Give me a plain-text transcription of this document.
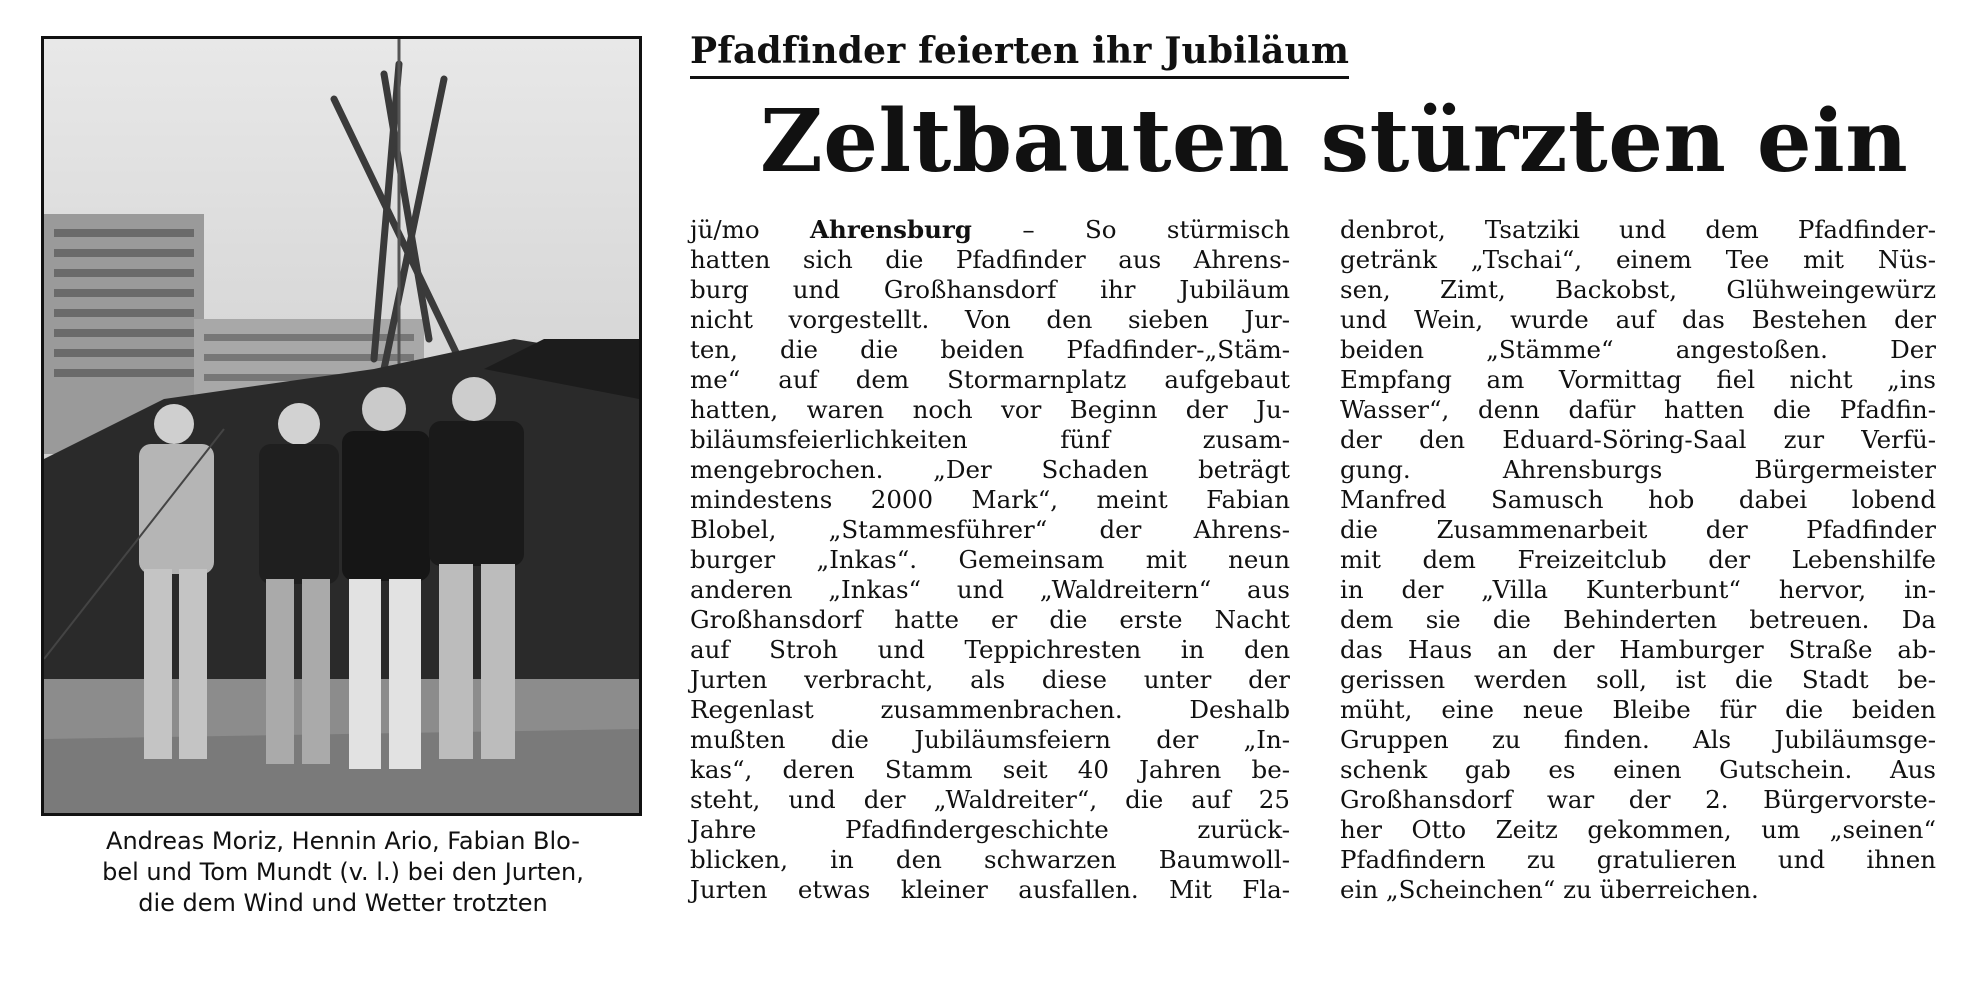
Andreas Moriz, Hennin Ario, Fabian Blo-
bel und Tom Mundt (v. l.) bei den Jurten,
die dem Wind und Wetter trotzten
Pfadfinder feierten ihr Jubiläum
Zeltbauten stürzten ein
jü/mo Ahrensburg – So stürmisch
hatten sich die Pfadfinder aus Ahrens-
burg und Großhansdorf ihr Jubiläum
nicht vorgestellt. Von den sieben Jur-
ten, die die beiden Pfadfinder-„Stäm-
me“ auf dem Stormarnplatz aufgebaut
hatten, waren noch vor Beginn der Ju-
biläumsfeierlichkeiten fünf zusam-
mengebrochen. „Der Schaden beträgt
mindestens 2000 Mark“, meint Fabian
Blobel, „Stammesführer“ der Ahrens-
burger „Inkas“. Gemeinsam mit neun
anderen „Inkas“ und „Waldreitern“ aus
Großhansdorf hatte er die erste Nacht
auf Stroh und Teppichresten in den
Jurten verbracht, als diese unter der
Regenlast zusammenbrachen. Deshalb
mußten die Jubiläumsfeiern der „In-
kas“, deren Stamm seit 40 Jahren be-
steht, und der „Waldreiter“, die auf 25
Jahre Pfadfindergeschichte zurück-
blicken, in den schwarzen Baumwoll-
Jurten etwas kleiner ausfallen. Mit Fla-
denbrot, Tsatziki und dem Pfadfinder-
getränk „Tschai“, einem Tee mit Nüs-
sen, Zimt, Backobst, Glühweingewürz
und Wein, wurde auf das Bestehen der
beiden „Stämme“ angestoßen. Der
Empfang am Vormittag fiel nicht „ins
Wasser“, denn dafür hatten die Pfadfin-
der den Eduard-Söring-Saal zur Verfü-
gung. Ahrensburgs Bürgermeister
Manfred Samusch hob dabei lobend
die Zusammenarbeit der Pfadfinder
mit dem Freizeitclub der Lebenshilfe
in der „Villa Kunterbunt“ hervor, in-
dem sie die Behinderten betreuen. Da
das Haus an der Hamburger Straße ab-
gerissen werden soll, ist die Stadt be-
müht, eine neue Bleibe für die beiden
Gruppen zu finden. Als Jubiläumsge-
schenk gab es einen Gutschein. Aus
Großhansdorf war der 2. Bürgervorste-
her Otto Zeitz gekommen, um „seinen“
Pfadfindern zu gratulieren und ihnen
ein „Scheinchen“ zu überreichen.
